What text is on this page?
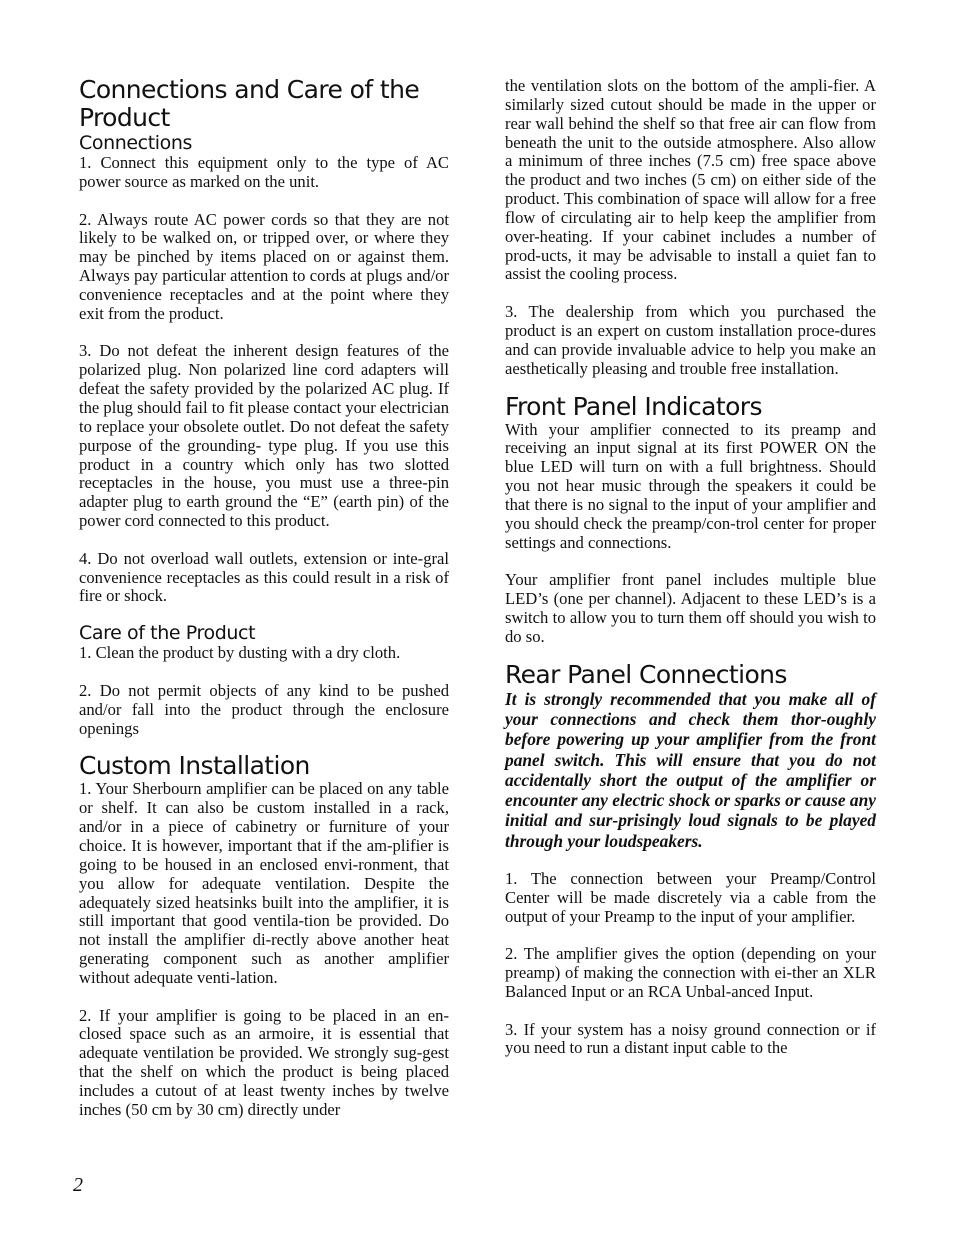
Connections and Care of the Product
Connections

1. Connect this equipment only to the type of AC power source as marked on the unit.

2. Always route AC power cords so that they are not likely to be walked on, or tripped over, or where they may be pinched by items placed on or against them. Always pay particular attention to cords at plugs and/or convenience receptacles and at the point where they exit from the product.

3. Do not defeat the inherent design features of the polarized plug. Non polarized line cord adapters will defeat the safety provided by the polarized AC plug. If the plug should fail to fit please contact your electrician to replace your obsolete outlet. Do not defeat the safety purpose of the grounding- type plug. If you use this product in a country which only has two slotted receptacles in the house, you must use a three-pin adapter plug to earth ground the “E” (earth pin) of the power cord connected to this product.

4. Do not overload wall outlets, extension or inte-gral convenience receptacles as this could result in a risk of fire or shock.

Care of the Product

1. Clean the product by dusting with a dry cloth.

2. Do not permit objects of any kind to be pushed and/or fall into the product through the enclosure openings

Custom Installation

1. Your Sherbourn amplifier can be placed on any table or shelf. It can also be custom installed in a rack, and/or in a piece of cabinetry or furniture of your choice. It is however, important that if the am-plifier is going to be housed in an enclosed envi-ronment, that you allow for adequate ventilation. Despite the adequately sized heatsinks built into the amplifier, it is still important that good ventila-tion be provided. Do not install the amplifier di-rectly above another heat generating component such as another amplifier without adequate venti-lation.

2. If your amplifier is going to be placed in an en-closed space such as an armoire, it is essential that adequate ventilation be provided. We strongly sug-gest that the shelf on which the product is being placed includes a cutout of at least twenty inches by twelve inches (50 cm by 30 cm) directly under

the ventilation slots on the bottom of the ampli-fier. A similarly sized cutout should be made in the upper or rear wall behind the shelf so that free air can flow from beneath the unit to the outside atmosphere. Also allow a minimum of three inches (7.5 cm) free space above the product and two inches (5 cm) on either side of the product. This combination of space will allow for a free flow of circulating air to help keep the amplifier from over-heating. If your cabinet includes a number of prod-ucts, it may be advisable to install a quiet fan to assist the cooling process.

3. The dealership from which you purchased the product is an expert on custom installation proce-dures and can provide invaluable advice to help you make an aesthetically pleasing and trouble free installation.

Front Panel Indicators

With your amplifier connected to its preamp and receiving an input signal at its first POWER ON the blue LED will turn on with a full brightness. Should you not hear music through the speakers it could be that there is no signal to the input of your amplifier and you should check the preamp/con-trol center for proper settings and connections.

Your amplifier front panel includes multiple blue LED’s (one per channel). Adjacent to these LED’s is a switch to allow you to turn them off should you wish to do so.

Rear Panel Connections

It is strongly recommended that you make all of your connections and check them thor-oughly before powering up your amplifier from the front panel switch. This will ensure that you do not accidentally short the output of the amplifier or encounter any electric shock or sparks or cause any initial and sur-prisingly loud signals to be played through your loudspeakers.

1. The connection between your Preamp/Control Center will be made discretely via a cable from the output of your Preamp to the input of your amplifier.

2. The amplifier gives the option (depending on your preamp) of making the connection with ei-ther an XLR Balanced Input or an RCA Unbal-anced Input.

3. If your system has a noisy ground connection or if you need to run a distant input cable to the

2
